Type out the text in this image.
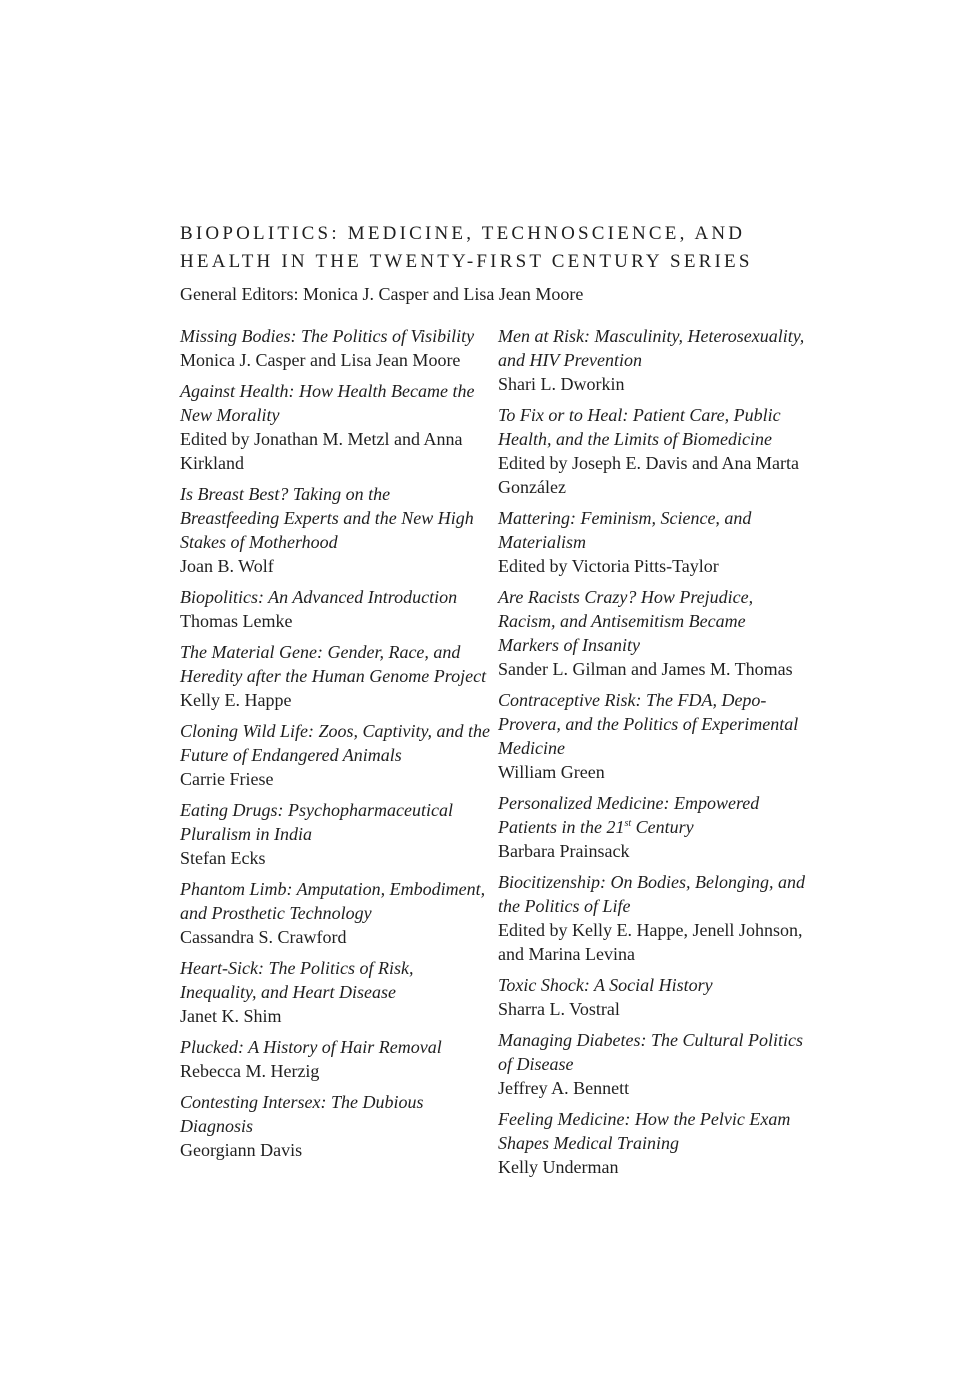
BIOPOLITICS: MEDICINE, TECHNOSCIENCE, AND
HEALTH IN THE TWENTY-FIRST CENTURY SERIES

General Editors: Monica J. Casper and Lisa Jean Moore

Missing Bodies: The Politics of Visibility
Monica J. Casper and Lisa Jean Moore
Against Health: How Health Became the New Morality
Edited by Jonathan M. Metzl and Anna Kirkland
Is Breast Best? Taking on the Breastfeeding Experts and the New High Stakes of Motherhood
Joan B. Wolf
Biopolitics: An Advanced Introduction
Thomas Lemke
The Material Gene: Gender, Race, and Heredity after the Human Genome Project
Kelly E. Happe
Cloning Wild Life: Zoos, Captivity, and the Future of Endangered Animals
Carrie Friese
Eating Drugs: Psychopharmaceutical Pluralism in India
Stefan Ecks
Phantom Limb: Amputation, Embodiment, and Prosthetic Technology
Cassandra S. Crawford
Heart-Sick: The Politics of Risk, Inequality, and Heart Disease
Janet K. Shim
Plucked: A History of Hair Removal
Rebecca M. Herzig
Contesting Intersex: The Dubious Diagnosis
Georgiann Davis
Men at Risk: Masculinity, Heterosexuality, and HIV Prevention
Shari L. Dworkin
To Fix or to Heal: Patient Care, Public Health, and the Limits of Biomedicine
Edited by Joseph E. Davis and Ana Marta González
Mattering: Feminism, Science, and Materialism
Edited by Victoria Pitts-Taylor
Are Racists Crazy? How Prejudice, Racism, and Antisemitism Became Markers of Insanity
Sander L. Gilman and James M. Thomas
Contraceptive Risk: The FDA, Depo-Provera, and the Politics of Experimental Medicine
William Green
Personalized Medicine: Empowered Patients in the 21st Century
Barbara Prainsack
Biocitizenship: On Bodies, Belonging, and the Politics of Life
Edited by Kelly E. Happe, Jenell Johnson, and Marina Levina
Toxic Shock: A Social History
Sharra L. Vostral
Managing Diabetes: The Cultural Politics of Disease
Jeffrey A. Bennett
Feeling Medicine: How the Pelvic Exam Shapes Medical Training
Kelly Underman
